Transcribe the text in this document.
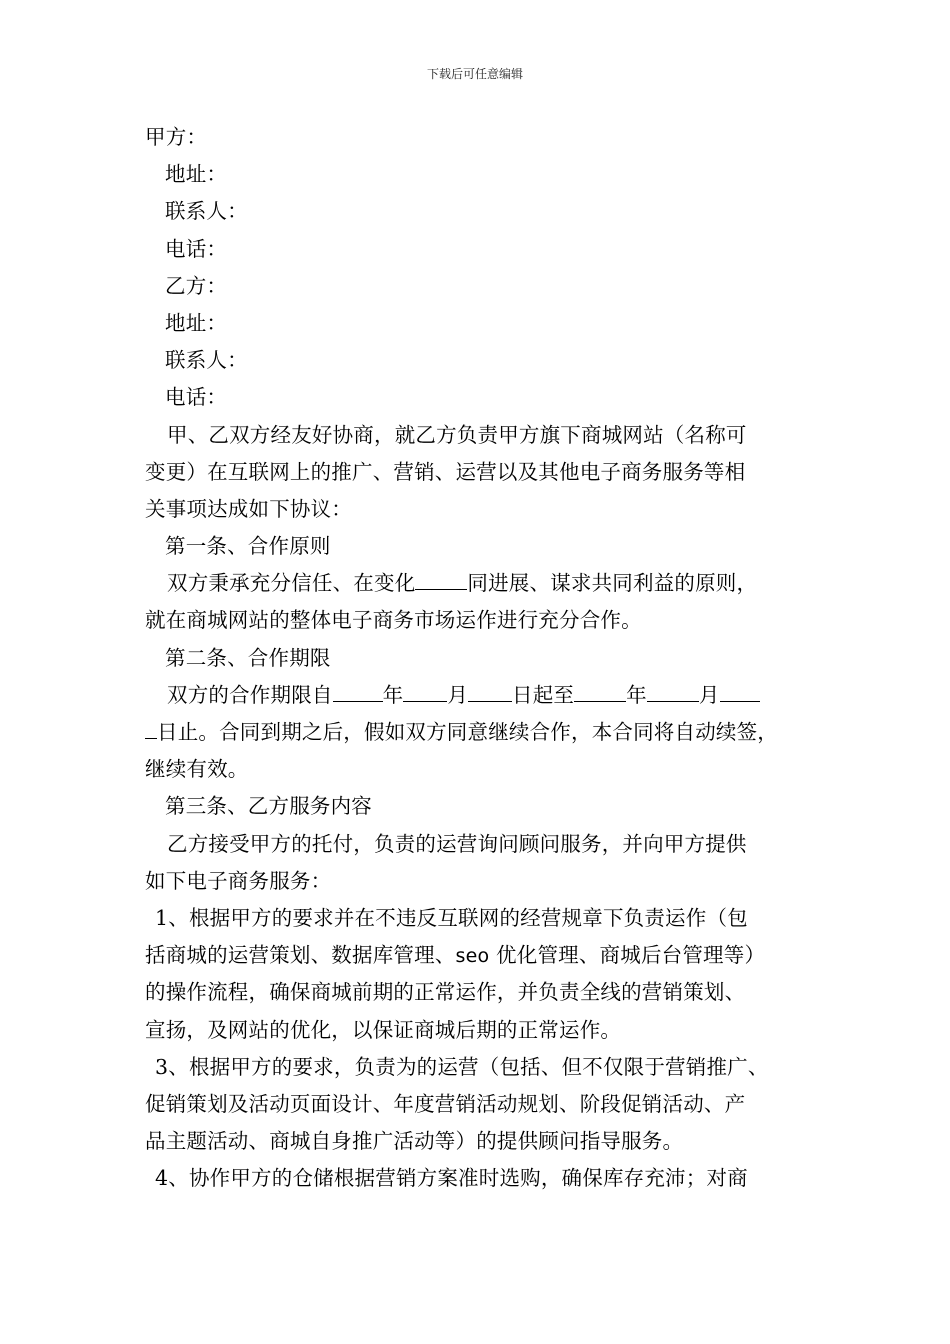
下载后可任意编辑
甲方：
地址：
联系人：
电话：
乙方：
地址：
联系人：
电话：
甲、乙双方经友好协商，就乙方负责甲方旗下商城网站（名称可
变更）在互联网上的推广、营销、运营以及其他电子商务服务等相
关事项达成如下协议：
第一条、合作原则
双方秉承充分信任、在变化	同进展、谋求共同利益的原则，
就在商城网站的整体电子商务市场运作进行充分合作。
第二条、合作期限
双方的合作期限自 年 月 日起至	年	月
日止。合同到期之后，假如双方同意继续合作，本合同将自动续签，
继续有效。
第三条、乙方服务内容
乙方接受甲方的托付，负责的运营询问顾问服务，并向甲方提供
如下电子商务服务：
1、根据甲方的要求并在不违反互联网的经营规章下负责运作（包
括商城的运营策划、数据库管理、seo 优化管理、商城后台管理等）
的操作流程，确保商城前期的正常运作，并负责全线的营销策划、
宣扬，及网站的优化，以保证商城后期的正常运作。
3、根据甲方的要求，负责为的运营（包括、但不仅限于营销推广、
促销策划及活动页面设计、年度营销活动规划、阶段促销活动、产
品主题活动、商城自身推广活动等）的提供顾问指导服务。
4、协作甲方的仓储根据营销方案准时选购，确保库存充沛；对商
